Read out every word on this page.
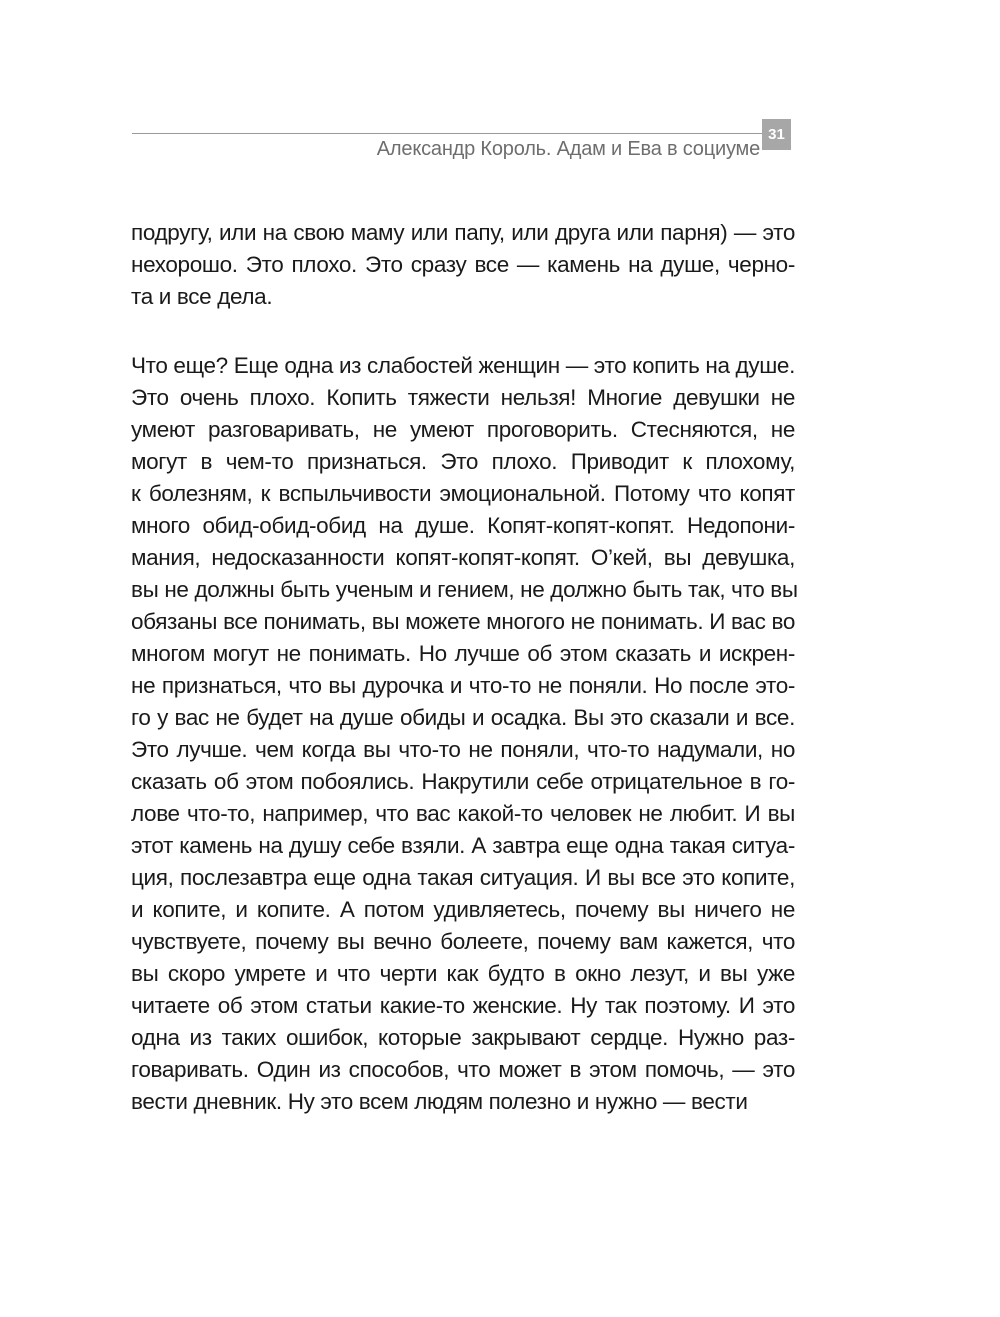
Александр Король. Адам и Ева в социуме
31
подругу, или на свою маму или папу, или друга или парня) — это
нехорошо. Это плохо. Это сразу все — камень на душе, черно-
та и все дела.
Что еще? Еще одна из слабостей женщин — это копить на душе.
Это очень плохо. Копить тяжести нельзя! Многие девушки не
умеют разговаривать, не умеют проговорить. Стесняются, не
могут в чем-то признаться. Это плохо. Приводит к плохому,
к болезням, к вспыльчивости эмоциональной. Потому что копят
много обид-обид-обид на душе. Копят-копят-копят. Недопони-
мания, недосказанности копят-копят-копят. О’кей, вы девушка,
вы не должны быть ученым и гением, не должно быть так, что вы
обязаны все понимать, вы можете многого не понимать. И вас во
многом могут не понимать. Но лучше об этом сказать и искрен-
не признаться, что вы дурочка и что-то не поняли. Но после это-
го у вас не будет на душе обиды и осадка. Вы это сказали и все.
Это лучше. чем когда вы что-то не поняли, что-то надумали, но
сказать об этом побоялись. Накрутили себе отрицательное в го-
лове что-то, например, что вас какой-то человек не любит. И вы
этот камень на душу себе взяли. А завтра еще одна такая ситуа-
ция, послезавтра еще одна такая ситуация. И вы все это копите,
и копите, и копите. А потом удивляетесь, почему вы ничего не
чувствуете, почему вы вечно болеете, почему вам кажется, что
вы скоро умрете и что черти как будто в окно лезут, и вы уже
читаете об этом статьи какие-то женские. Ну так поэтому. И это
одна из таких ошибок, которые закрывают сердце. Нужно раз-
говаривать. Один из способов, что может в этом помочь, — это
вести дневник. Ну это всем людям полезно и нужно — вести
